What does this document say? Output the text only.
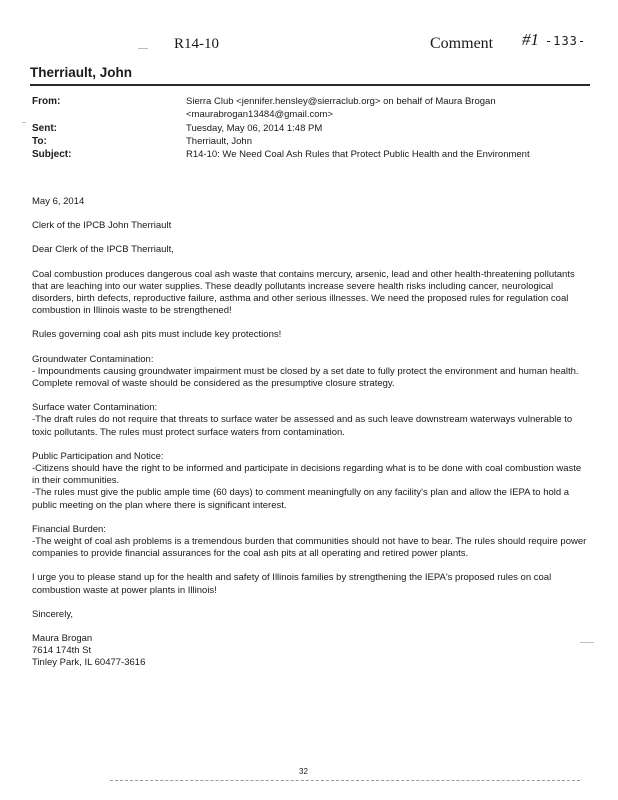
R14-10	Comment #1 -133-
Therriault, John
From:	Sierra Club <jennifer.hensley@sierraclub.org> on behalf of Maura Brogan
<maurabrogan13484@gmail.com>
Sent:	Tuesday, May 06, 2014 1:48 PM
To:	Therriault, John
Subject:	R14-10: We Need Coal Ash Rules that Protect Public Health and the Environment

May 6, 2014

Clerk of the IPCB John Therriault

Dear Clerk of the IPCB Therriault,

Coal combustion produces dangerous coal ash waste that contains mercury, arsenic, lead and other health-threatening pollutants that are leaching into our water supplies. These deadly pollutants increase severe health risks including cancer, neurological disorders, birth defects, reproductive failure, asthma and other serious illnesses. We need the proposed rules for regulation coal combustion in Illinois waste to be strengthened!

Rules governing coal ash pits must include key protections!

Groundwater Contamination:

- Impoundments causing groundwater impairment must be closed by a set date to fully protect the environment and human health.

Complete removal of waste should be considered as the presumptive closure strategy.

Surface water Contamination:

-The draft rules do not require that threats to surface water be assessed and as such leave downstream waterways vulnerable to toxic pollutants. The rules must protect surface waters from contamination.

Public Participation and Notice:

-Citizens should have the right to be informed and participate in decisions regarding what is to be done with coal combustion waste in their communities.

-The rules must give the public ample time (60 days) to comment meaningfully on any facility's plan and allow the IEPA to hold a public meeting on the plan where there is significant interest.

Financial Burden:

-The weight of coal ash problems is a tremendous burden that communities should not have to bear. The rules should require power companies to provide financial assurances for the coal ash pits at all operating and retired power plants.

I urge you to please stand up for the health and safety of Illinois families by strengthening the IEPA's proposed rules on coal combustion waste at power plants in Illinois!

Sincerely,

Maura Brogan

7614 174th St

Tinley Park, IL 60477-3616

32
